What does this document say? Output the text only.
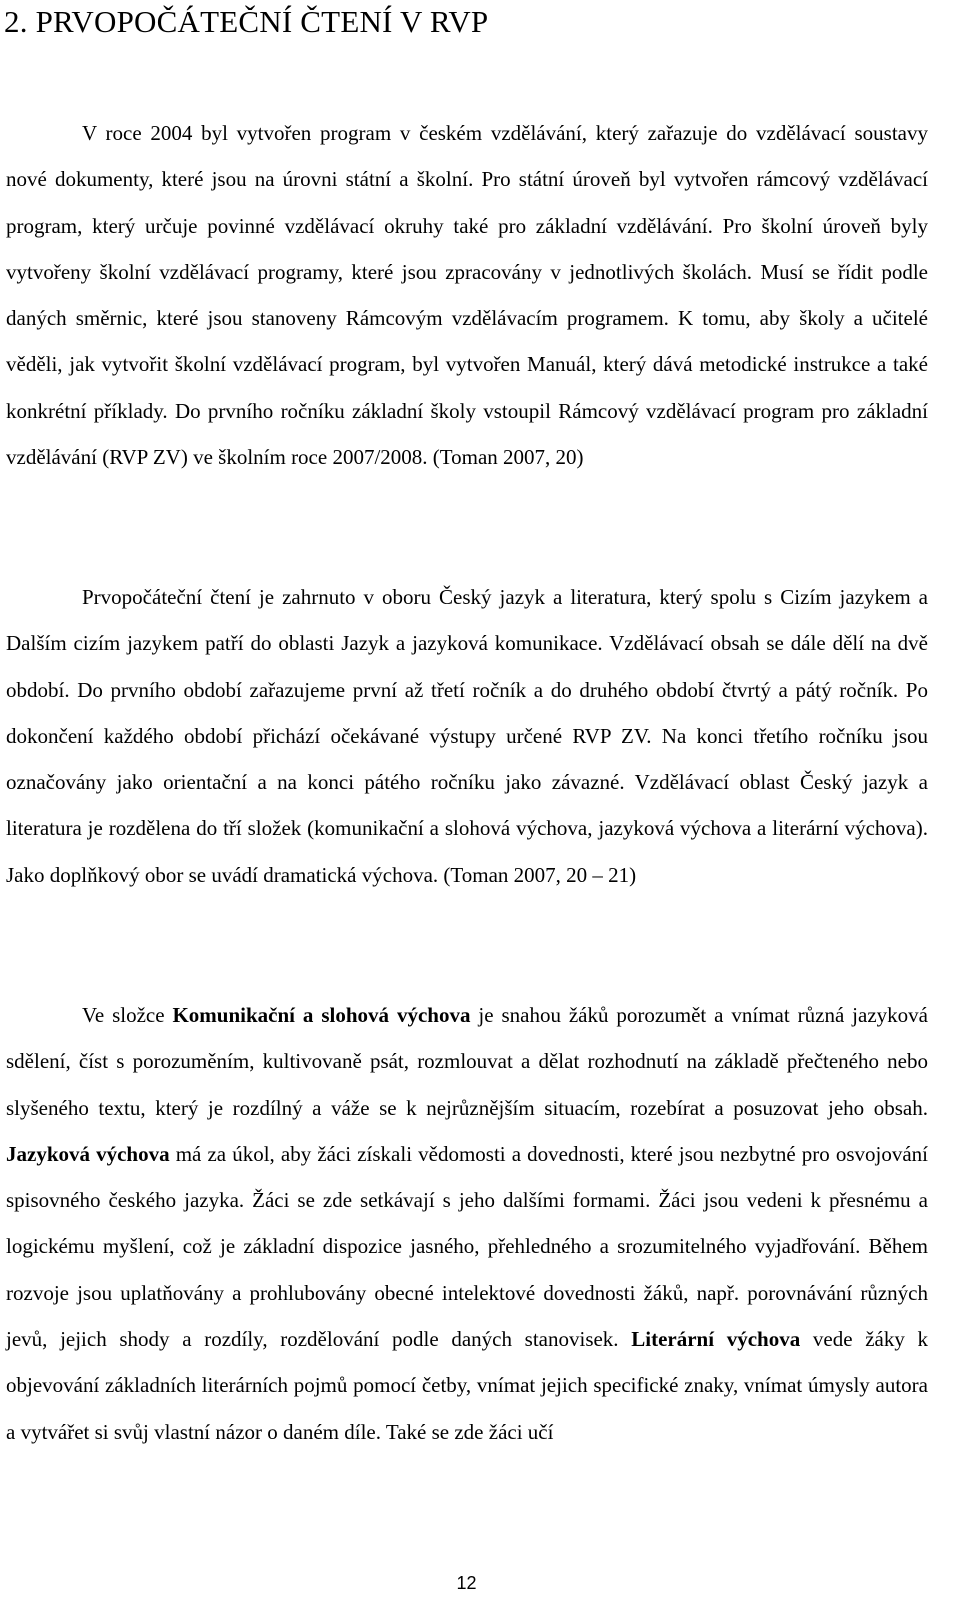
2. PRVOPOČÁTEČNÍ ČTENÍ V RVP

V roce 2004 byl vytvořen program v českém vzdělávání, který zařazuje do vzdělávací soustavy nové dokumenty, které jsou na úrovni státní a školní. Pro státní úroveň byl vytvořen rámcový vzdělávací program, který určuje povinné vzdělávací okruhy také pro základní vzdělávání. Pro školní úroveň byly vytvořeny školní vzdělávací programy, které jsou zpracovány v jednotlivých školách. Musí se řídit podle daných směrnic, které jsou stanoveny Rámcovým vzdělávacím programem. K tomu, aby školy a učitelé věděli, jak vytvořit školní vzdělávací program, byl vytvořen Manuál, který dává metodické instrukce a také konkrétní příklady. Do prvního ročníku základní školy vstoupil Rámcový vzdělávací program pro základní vzdělávání (RVP ZV) ve školním roce 2007/2008. (Toman 2007, 20)

Prvopočáteční čtení je zahrnuto v oboru Český jazyk a literatura, který spolu s Cizím jazykem a Dalším cizím jazykem patří do oblasti Jazyk a jazyková komunikace. Vzdělávací obsah se dále dělí na dvě období. Do prvního období zařazujeme první až třetí ročník a do druhého období čtvrtý a pátý ročník. Po dokončení každého období přichází očekávané výstupy určené RVP ZV. Na konci třetího ročníku jsou označovány jako orientační a na konci pátého ročníku jako závazné. Vzdělávací oblast Český jazyk a literatura je rozdělena do tří složek (komunikační a slohová výchova, jazyková výchova a literární výchova). Jako doplňkový obor se uvádí dramatická výchova. (Toman 2007, 20 – 21)

Ve složce Komunikační a slohová výchova je snahou žáků porozumět a vnímat různá jazyková sdělení, číst s porozuměním, kultivovaně psát, rozmlouvat a dělat rozhodnutí na základě přečteného nebo slyšeného textu, který je rozdílný a váže se k nejrůznějším situacím, rozebírat a posuzovat jeho obsah. Jazyková výchova má za úkol, aby žáci získali vědomosti a dovednosti, které jsou nezbytné pro osvojování spisovného českého jazyka. Žáci se zde setkávají s jeho dalšími formami. Žáci jsou vedeni k přesnému a logickému myšlení, což je základní dispozice jasného, přehledného a srozumitelného vyjadřování. Během rozvoje jsou uplatňovány a prohlubovány obecné intelektové dovednosti žáků, např. porovnávání různých jevů, jejich shody a rozdíly, rozdělování podle daných stanovisek. Literární výchova vede žáky k objevování základních literárních pojmů pomocí četby, vnímat jejich specifické znaky, vnímat úmysly autora a vytvářet si svůj vlastní názor o daném díle. Také se zde žáci učí

12
